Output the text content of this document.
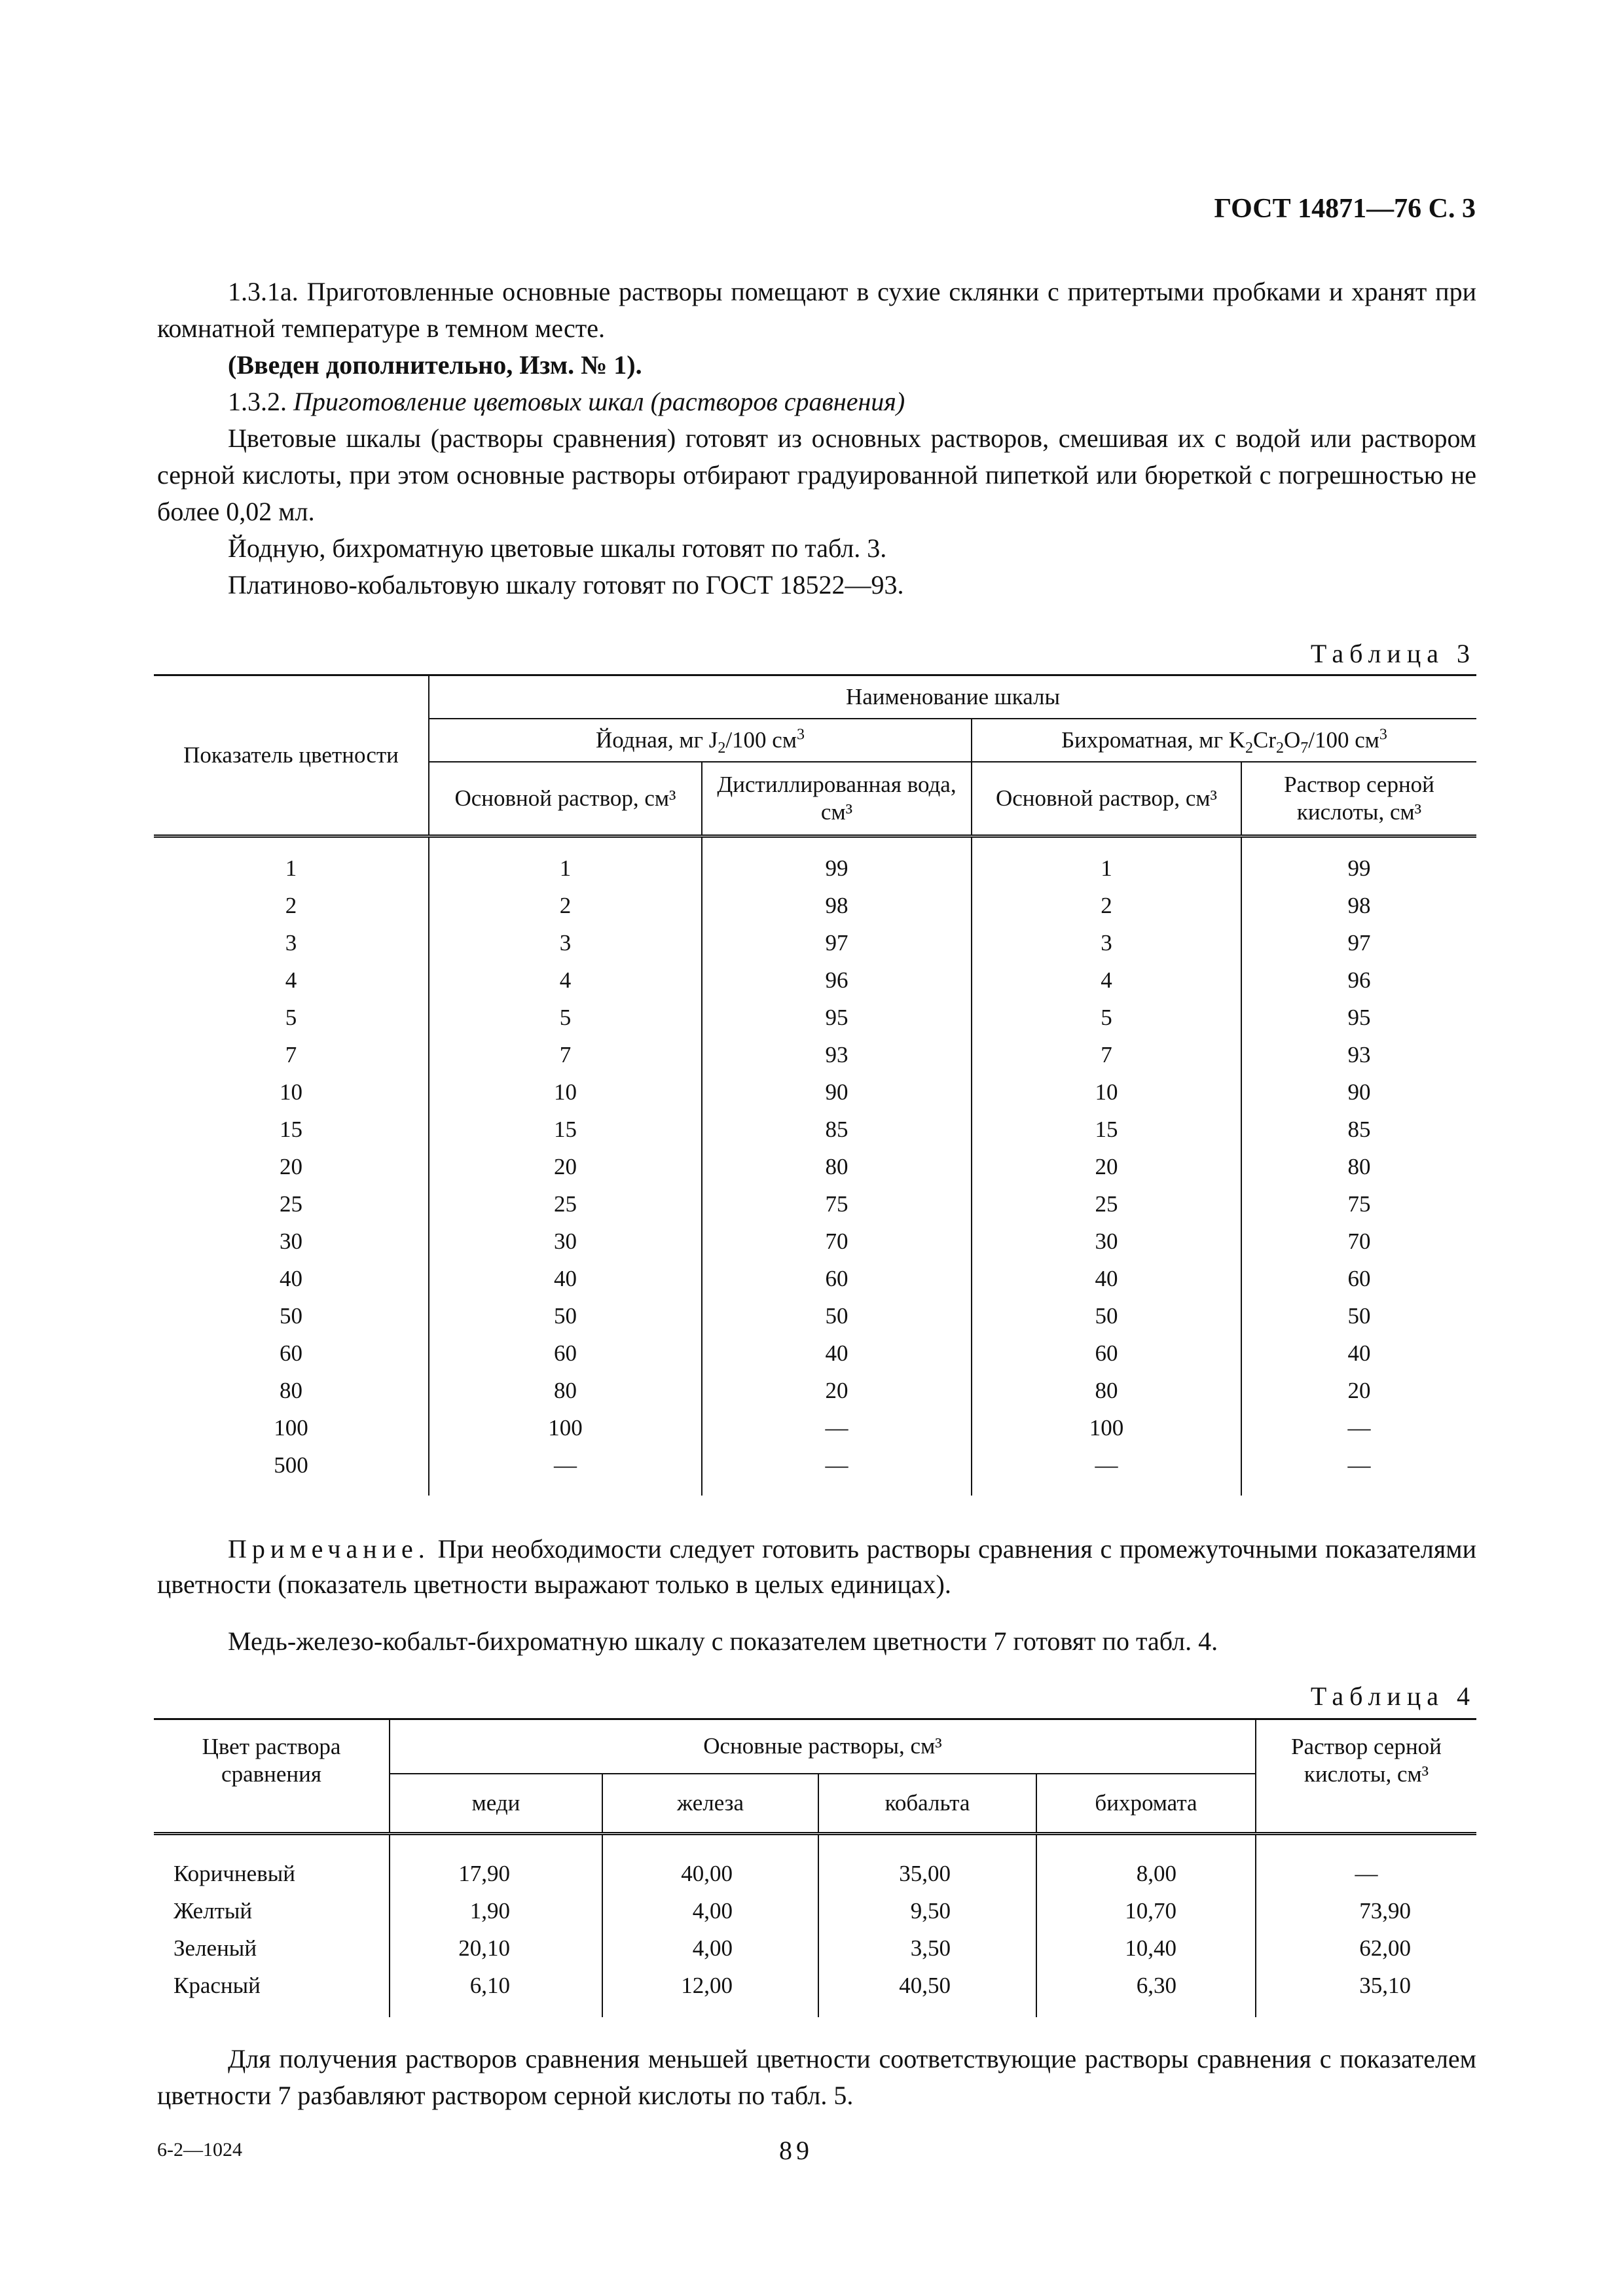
ГОСТ 14871—76 С. 3
1.3.1а. Приготовленные основные растворы помещают в сухие склянки с притертыми пробками и хранят при комнатной температуре в темном месте.
(Введен дополнительно, Изм. № 1).
1.3.2. Приготовление цветовых шкал (растворов сравнения)
Цветовые шкалы (растворы сравнения) готовят из основных растворов, смешивая их с водой или раствором серной кислоты, при этом основные растворы отбирают градуированной пипеткой или бюреткой с погрешностью не более 0,02 мл.
Йодную, бихроматную цветовые шкалы готовят по табл. 3.
Платиново-кобальтовую шкалу готовят по ГОСТ 18522—93.
Таблица 3
Показатель цветности	Наименование шкалы			
	Йодная, мг $J_2/100$ $см^3$		Бихроматная, мг $K_2Cr_2O_7/100$ $см^3$
	Основной раствор, см³	Дистиллированная вода, см³	Основной раствор, см³	Раствор серной кислоты, см³
1	1	99	1	99
2	2	98	2	98
3	3	97	3	97
4	4	96	4	96
5	5	95	5	95
7	7	93	7	93
10	10	90	10	90
15	15	85	15	85
20	20	80	20	80
25	25	75	25	75
30	30	70	30	70
40	40	60	40	60
50	50	50	50	50
60	60	40	60	40
80	80	20	80	20
100	100	—	100	—
500	—	—	—	—
Примечание. При необходимости следует готовить растворы сравнения с промежуточными показателями цветности (показатель цветности выражают только в целых единицах).
Медь-железо-кобальт-бихроматную шкалу с показателем цветности 7 готовят по табл. 4.
Таблица 4
Цвет раствора сравнения	Основные растворы, см³				Раствор серной кислоты, см³
	меди	железа	кобальта	бихромата	
Коричневый	17,90	40,00	35,00	8,00	—
Желтый	1,90	4,00	9,50	10,70	73,90
Зеленый	20,10	4,00	3,50	10,40	62,00
Красный	6,10	12,00	40,50	6,30	35,10
Для получения растворов сравнения меньшей цветности соответствующие растворы сравнения с показателем цветности 7 разбавляют раствором серной кислоты по табл. 5.
6-2—1024	89
